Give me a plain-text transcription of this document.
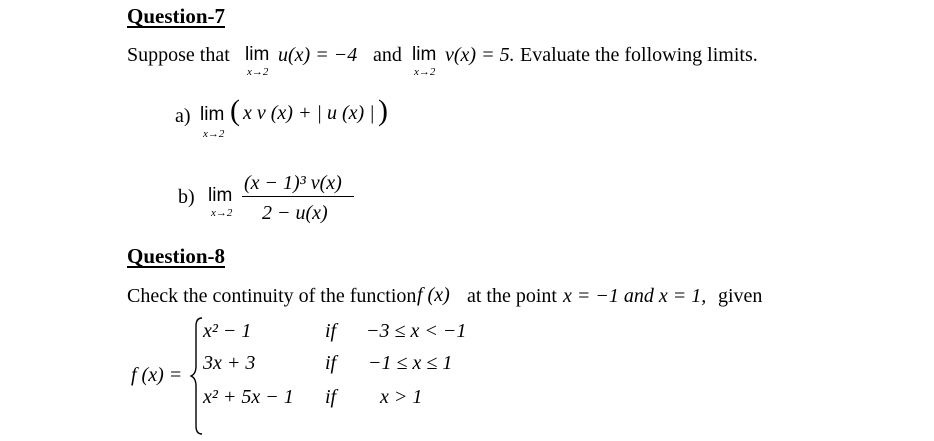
Question-7
Suppose that lim
x→2
u(x) = −4 and lim
x→2
v(x) = 5. Evaluate the following limits.
a) lim
x→2
( x v (x) + | u (x) | )
b) lim
x→2
(x − 1)³ v(x)
2 − u(x)
Question-8
Check the continuity of the function f (x) at the point x = −1 and x = 1, given
f (x) =
x² − 1	if −3 ≤ x < −1
3x + 3	if −1 ≤ x ≤ 1
x² + 5x − 1 if x > 1
